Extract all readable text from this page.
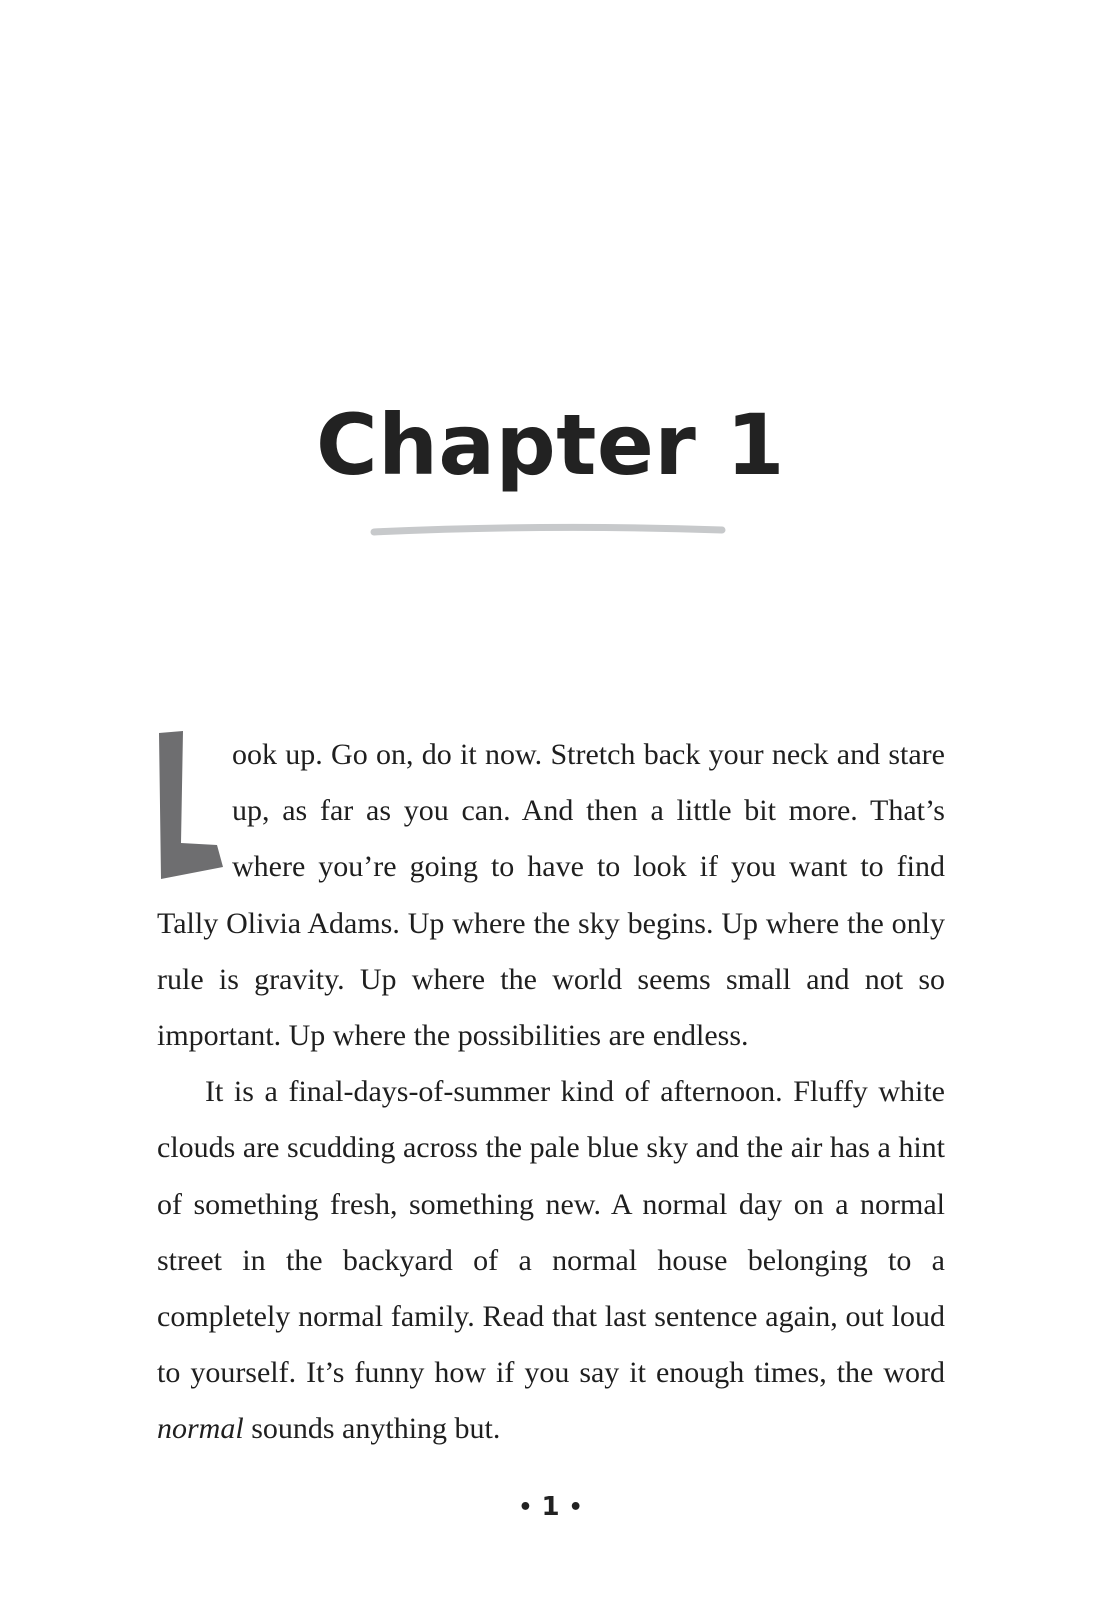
Chapter 1

ook up. Go on, do it now. Stretch back your neck and stare up, as far as you can. And then a little bit more. That’s where you’re going to have to look if you want to find Tally Olivia Adams. Up where the sky begins. Up where the only rule is gravity. Up where the world seems small and not so important. Up where the possibilities are endless.

It is a final-days-of-summer kind of afternoon. Fluffy white clouds are scudding across the pale blue sky and the air has a hint of something fresh, something new. A normal day on a normal street in the backyard of a normal house belonging to a completely normal family. Read that last sentence again, out loud to yourself. It’s funny how if you say it enough times, the word normal sounds anything but.

• 1 •
